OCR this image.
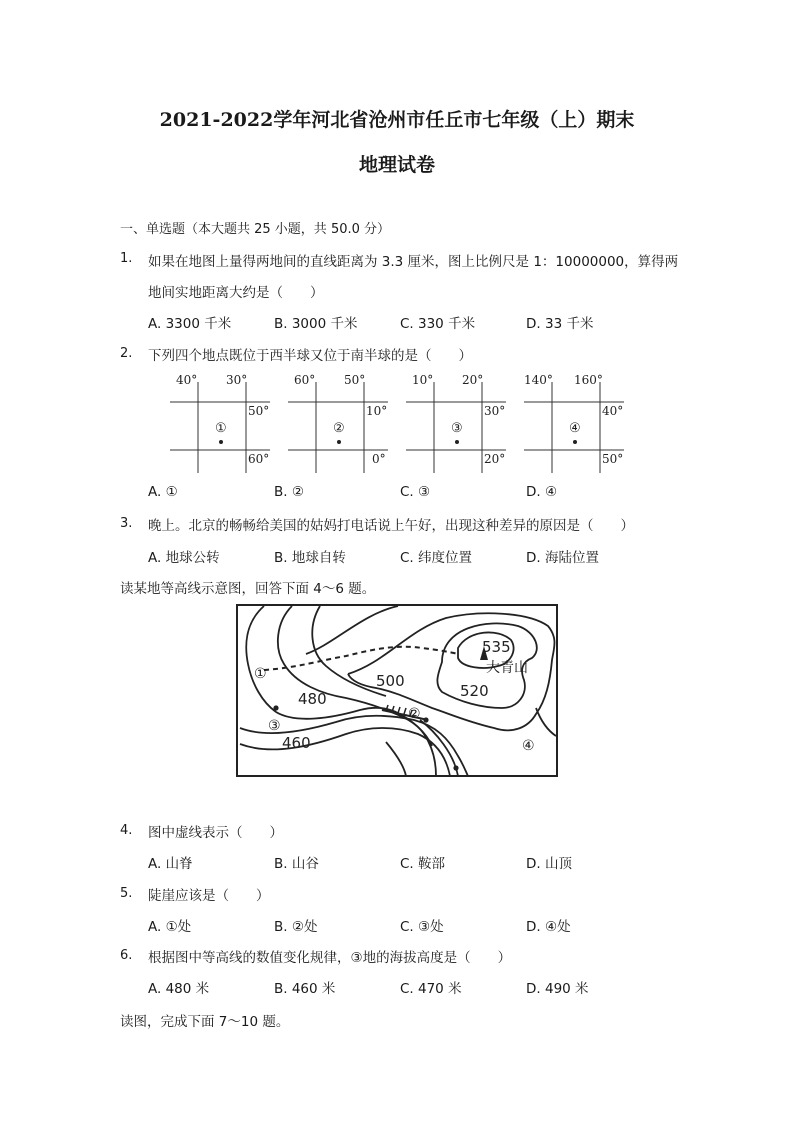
2021-2022学年河北省沧州市任丘市七年级（上）期末
地理试卷
一、单选题（本大题共 25 小题，共 50.0 分）
1. 如果在地图上量得两地间的直线距离为 3.3 厘米，图上比例尺是 1：10000000，算得两
地间实地距离大约是（　　）
A. 3300 千米	B. 3000 千米	C. 330 千米	D. 33 千米
2. 下列四个地点既位于西半球又位于南半球的是（　　）
40° 30°
50°
60°
①
60° 50°
10°
0°
②
10° 20°
30°
20°
③
140° 160°
40°
50°
④
A. ①	B. ②	C. ③	D. ④
3. 晚上。北京的畅畅给美国的姑妈打电话说上午好，出现这种差异的原因是（　　）
A. 地球公转	B. 地球自转	C. 纬度位置	D. 海陆位置
读某地等高线示意图，回答下面 4～6 题。
535
大青山
500
520
480
460
①
②
③
④
4. 图中虚线表示（　　）
A. 山脊	B. 山谷	C. 鞍部	D. 山顶
5. 陡崖应该是（　　）
A. ①处	B. ②处	C. ③处	D. ④处
6. 根据图中等高线的数值变化规律，③地的海拔高度是（　　）
A. 480 米	B. 460 米	C. 470 米	D. 490 米
读图，完成下面 7～10 题。
